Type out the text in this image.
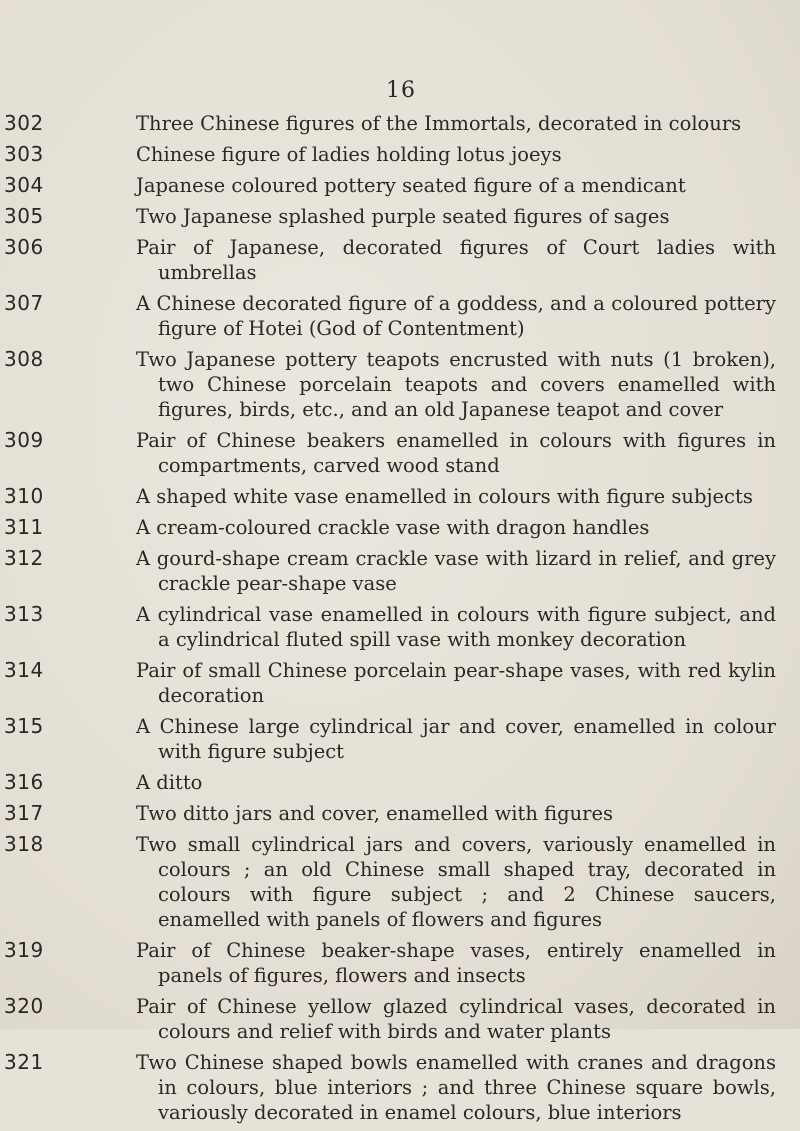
16
302	Three Chinese figures of the Immortals, decorated in colours
303	Chinese figure of ladies holding lotus joeys
304	Japanese coloured pottery seated figure of a mendicant
305	Two Japanese splashed purple seated figures of sages
306	Pair of Japanese, decorated figures of Court ladies with umbrellas
307	A Chinese decorated figure of a goddess, and a coloured pottery figure of Hotei (God of Contentment)
308	Two Japanese pottery teapots encrusted with nuts (1 broken), two Chinese porcelain teapots and covers enamelled with figures, birds, etc., and an old Japanese teapot and cover
309	Pair of Chinese beakers enamelled in colours with figures in compartments, carved wood stand
310	A shaped white vase enamelled in colours with figure subjects
311	A cream-coloured crackle vase with dragon handles
312	A gourd-shape cream crackle vase with lizard in relief, and grey crackle pear-shape vase
313	A cylindrical vase enamelled in colours with figure subject, and a cylindrical fluted spill vase with monkey decoration
314	Pair of small Chinese porcelain pear-shape vases, with red kylin decoration
315	A Chinese large cylindrical jar and cover, enamelled in colour with figure subject
316	A ditto
317	Two ditto jars and cover, enamelled with figures
318	Two small cylindrical jars and covers, variously enamelled in colours ; an old Chinese small shaped tray, decorated in colours with figure subject ; and 2 Chinese saucers, enamelled with panels of flowers and figures
319	Pair of Chinese beaker-shape vases, entirely enamelled in panels of figures, flowers and insects
320	Pair of Chinese yellow glazed cylindrical vases, decorated in colours and relief with birds and water plants
321	Two Chinese shaped bowls enamelled with cranes and dragons in colours, blue interiors ; and three Chinese square bowls, variously decorated in enamel colours, blue interiors
